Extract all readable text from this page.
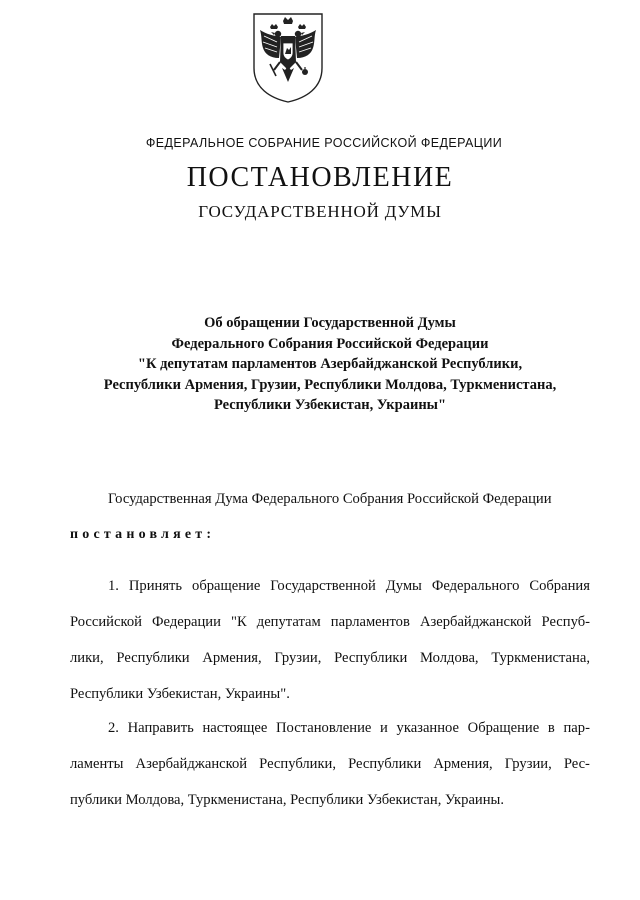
ФЕДЕРАЛЬНОЕ СОБРАНИЕ РОССИЙСКОЙ ФЕДЕРАЦИИ
ПОСТАНОВЛЕНИЕ
ГОСУДАРСТВЕННОЙ ДУМЫ
Об обращении Государственной Думы
Федерального Собрания Российской Федерации
"К депутатам парламентов Азербайджанской Республики,
Республики Армения, Грузии, Республики Молдова, Туркменистана,
Республики Узбекистан, Украины"
Государственная Дума Федерального Собрания Российской Федерации
постановляет:
1. Принять обращение Государственной Думы Федерального Собрания
Российской Федерации "К депутатам парламентов Азербайджанской Респуб-
лики, Республики Армения, Грузии, Республики Молдова, Туркменистана,
Республики Узбекистан, Украины".
2. Направить настоящее Постановление и указанное Обращение в пар-
ламенты Азербайджанской Республики, Республики Армения, Грузии, Рес-
публики Молдова, Туркменистана, Республики Узбекистан, Украины.
